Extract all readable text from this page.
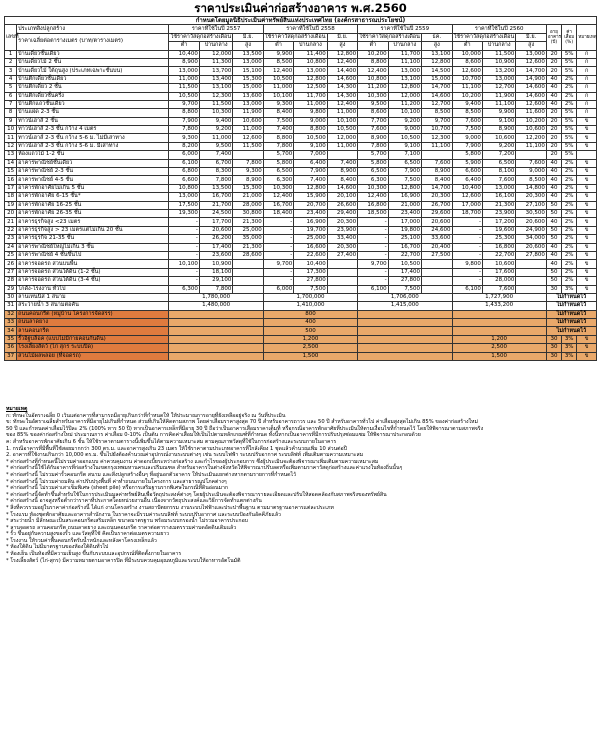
ราคาประเมินค่าก่อสร้างอาคาร พ.ศ.2560
กำหนดโดยมูลนิธิประเมินค่าทรัพย์สินแห่งประเทศไทย (องค์กรสาธารณประโยชน์)																
เลขที่	ประเภทสิ่งปลูกสร้าง	ราคาที่ใช้ในปี 2557			ราคาที่ใช้ในปี 2558			ราคาที่ใช้ในปี 2559			ราคาที่ใช้ในปี 2560			อายุอาคาร (ปี)	ค่าเสื่อม (%)	หมายเหตุ
	ราคาเฉลี่ยต่อตารางเมตร (บาท/ตารางเมตร)	ใช้ราคาวัสดุก่อสร้างเดือน		มิ.ย.	ใช้ราคาวัสดุก่อสร้างเดือน		มิ.ย.	ใช้ราคาวัสดุก่อสร้างเดือน		ธค.	ใช้ราคาวัสดุก่อสร้างเดือน		มิ.ย.			
		ต่ำ	ปานกลาง	สูง	ต่ำ	ปานกลาง	สูง	ต่ำ	ปานกลาง	สูง	ต่ำ	ปานกลาง	สูง			
1	บ้านเดี่ยวชั้นเดียว	10,400	12,000	13,500	9,900	11,400	12,800	10,200	11,700	13,100	10,000	11,500	13,000	20	5%	ก
2	บ้านเดี่ยวไม้ 2 ชั้น	8,900	11,300	13,000	8,500	10,800	12,400	8,800	11,100	12,800	8,600	10,900	12,600	20	5%	ก
3	บ้านเดี่ยวไม้ ใต้ถุนสูง (ประเภทเฉพาะชั้นบน)	13,000	13,700	15,100	12,400	13,000	14,400	12,400	13,000	14,500	12,600	13,200	14,700	20	5%	ก
4	บ้านตึกเดี่ยวชั้นเดียว	11,000	13,400	15,300	10,500	12,800	14,600	10,800	13,100	15,000	10,700	13,000	14,900	40	2%	ก
5	บ้านตึกเดี่ยว 2 ชั้น	11,500	13,100	15,000	11,000	12,500	14,300	11,200	12,800	14,700	11,100	12,700	14,600	40	2%	ก
6	บ้านตึกเดี่ยวชั้นครึ่ง	10,500	12,300	13,600	10,100	11,700	14,300	10,300	12,000	14,600	10,200	11,900	14,600	40	2%	ก
7	บ้านตึกแถวชั้นเดียว	9,700	11,500	13,000	9,300	11,000	12,400	9,500	11,200	12,700	9,400	11,100	12,600	40	2%	ก
8	บ้านแฝด 2-3 ชั้น	8,800	10,300	11,900	8,400	9,800	11,000	8,600	10,100	8,500	8,500	9,900	11,600	20	5%	ก
9	ทาวน์เฮาส์ 2 ชั้น	7,900	9,400	10,600	7,500	9,000	10,100	7,700	9,200	9,700	7,600	9,100	10,200	20	5%	ข
10	ทาวน์เฮาส์ 2-3 ชั้น กว้าง 4 เมตร	7,800	9,200	11,000	7,400	8,800	10,500	7,600	9,000	10,700	7,500	8,900	10,600	20	5%	ข
11	ทาวน์เฮาส์ 2-3 ชั้น กว้าง 5-6 ม. ไม่มีเสาทาง	9,300	11,000	12,600	8,800	10,500	12,000	8,900	10,500	12,300	9,000	10,600	12,200	20	5%	ข
12	ทาวน์เฮาส์ 2-3 ชั้น กว้าง 5-6 ม. มีเสาทาง	8,200	9,500	11,500	7,800	9,100	11,000	7,800	9,100	11,100	7,900	9,200	11,100	20	5%	ข
13	ห้องแถวไม้ 1-2 ชั้น	6,000	7,400		5,700	7,000		5,700	7,100		5,800	7,200		20	5%	
14	อาคารพาณิชย์ชั้นเดียว	6,100	6,700	7,800	5,800	6,400	7,400	5,800	6,500	7,600	5,900	6,500	7,600	40	2%	ข
15	อาคารพาณิชย์ 2-3 ชั้น	6,800	8,300	9,300	6,500	7,900	8,900	6,500	7,900	8,900	6,600	8,100	9,000	40	2%	ข
16	อาคารพาณิชย์ 4-5 ชั้น	6,600	7,800	8,900	6,300	7,400	8,400	6,300	7,500	8,400	6,400	7,600	8,500	40	2%	ข
17	อาคารพักอาศัยไม่เกิน 5 ชั้น	10,800	13,500	15,300	10,300	12,800	14,600	10,300	12,800	14,700	10,400	13,000	14,800	40	2%	ข
18	อาคารพักอาศัย 6-15 ชั้น*	13,000	16,700	21,000	12,400	15,900	20,100	12,400	16,900	20,300	12,600	16,100	20,300	40	2%	ข
19	อาคารพักอาศัย 16-25 ชั้น	17,500	21,700	28,000	16,700	20,700	26,600	16,800	21,000	26,700	17,000	21,300	27,100	50	2%	ข
20	อาคารพักอาศัย 26-35 ชั้น	19,300	24,500	30,800	18,400	23,400	29,400	18,500	23,400	29,600	18,700	23,900	30,500	50	2%	ข
21	อาคารธุรกิจสูง <23 เมตร	-	17,700	21,300	-	16,900	20,300	-	17,000	20,600	-	17,200	20,600	40	2%	ข
22	อาคารธุรกิจสูง > 23 เมตรแต่ไม่เกิน 20 ชั้น	-	20,600	25,000	-	19,700	23,900	-	19,800	24,600	-	19,600	24,900	50	2%	ข
23	อาคารธุรกิจ 21-35 ชั้น	-	26,200	35,000	-	25,000	33,400	-	25,100	33,600	-	25,300	34,000	50	2%	ข
24	อาคารพาณิชย์ใหญ่ไม่เกิน 3 ชั้น	-	17,400	21,300	-	16,600	20,300	-	16,700	20,400	-	16,800	20,600	40	2%	ข
25	อาคารพาณิชย์ 4 ชั้นขึ้นไป	-	23,600	28,600	-	22,600	27,400	-	22,700	27,500	-	22,700	27,800	40	2%	ข
26	อาคารจอดรถ สวนบนพื้น	10,100	10,900		9,700	10,400		9,700	10,500		9,800	10,600		40	2%	ข
27	อาคารจอดรถ ส่วนใต้ดิน (1-2 ชั้น)	-	18,100		-	17,300		-	17,400		-	17,600		50	2%	ข
28	อาคารจอดรถ ส่วนใต้ดิน (3-4 ชั้น)	-	29,100		-	27,800		-	27,800		-	28,000		50	2%	ข
29	โกดัง-โรงงาน ทั่วไป	6,300	7,800		6,000	7,500		6,100	7,500		6,100	7,600		30	3%	ข
30	ลานเทนนิส 1 สนาม	1,780,000			1,700,000			1,706,000			1,727,900			ไม่กำหนดไว้		
31	สระว่ายน้ำ 3 สนามต่อคัน	1,480,000			1,410,000			1,415,000			1,433,200			ไม่กำหนดไว้		
32	ถนนคอนกรีต (หมู่บ้าน โครงการจัดสรร)				800									ไม่กำหนดไว้		
33	ถนนลาดยาง				400									ไม่กำหนดไว้		
34	ลานคอนกรีต				500									ไม่กำหนดไว้		
35	รั้วอิฐบล็อค (แบบไม่มีก่ายคอนกันดิน)				1,200						1,200			30	3%	ข
36	โรงเลี้ยงสัตว์ (ไก่ สุกร ระบบปิด)				2,500						2,500			30	3%	ข
37	สวนไม้ผลพลอย (ที่จอดรถ)				1,500						1,500			30	3%	ข

หมายเหตุ

ก: ทักษะในอัตราเฉลี่ย 0 เว้นแต่อาคารที่สามารถมีอายุเกินกว่าที่กำหนดให้ ให้ประมาณการอายุที่ยังเหลืออยู่จริง ณ วันที่ประเมิน

ข: ทักษะในอัตราเฉลี่ยสำหรับอาคารที่มีอายุไม่เกินที่กำหนด ส่วนที่เกินให้คิดตามสภาพ โดยค่าเสื่อมราคาสูงสุด 70 ปี สำหรับอาคารถาวร และ 50 ปี สำหรับอาคารทั่วไป ค่าเสื่อมสูงสุดไม่เกิน 85% ของค่าก่อสร้างใหม่

50 ปี และกำหนดค่าเสื่อมไว้ปีละ 2% (100% หาร 50 ปี) หากเป็นอาคารเหล็กที่มีอายุ 30 ปี ถือว่าเป็นอาคารเสื่อมราคาเต็มที่ หรือกรณีอาคารพักอาศัยที่ประเมินให้ตามเงื่อนไขที่กำหนดไว้ โดยให้พิจารณาตามสภาพจริง

ของ 85% ของค่าก่อสร้างใหม่ ประมาณการ ค่าเสื่อม 0-10% เป็นต้น การคิดค่าเสื่อมให้เป็นไปตามหลักเกณฑ์ที่กำหนด ทั้งนี้หากเป็นอาคารที่มีการปรับปรุงซ่อมแซม ให้พิจารณาประกอบด้วย

ค: สำหรับอาคารพักอาศัยเกิน 6 ชั้น ให้ใช้ราคาตามตารางนี้เพิ่มขึ้นได้ตามความเหมาะสม ตามคุณภาพวัสดุที่ใช้ในการก่อสร้างและระบบภายในอาคาร

1. กรณีอาคารที่มีพื้นที่ใช้สอยมากกว่า 300 ตร.ม. และอาคารสูงเกิน 23 เมตร ให้ใช้ราคาตามประเภทอาคารที่ใกล้เคียง 1 ชุดแล้วคำนวณเพิ่ม 10 ส่วนต่อปี

2. อาคารที่ใช้งานเกินกว่า 10,000 ตร.ม. ขึ้นไปยังต้องคำนวณค่าอุปกรณ์งานระบบต่างๆ เช่น ระบบไฟฟ้า ระบบปรับอากาศ ระบบลิฟท์ เพิ่มเติมตามความเหมาะสม

* ค่าก่อสร้างที่กำหนดนี้ไม่รวมค่าออกแบบ ค่าควบคุมงาน ค่าดอกเบี้ยระหว่างก่อสร้าง และกำไรของผู้ประกอบการ ซึ่งผู้ประเมินจะต้องพิจารณาเพิ่มเติมตามความเหมาะสม

* ค่าก่อสร้างนี้ใช้ได้กับอาคารที่ก่อสร้างในเขตกรุงเทพมหานครและปริมณฑล สำหรับอาคารในต่างจังหวัดให้พิจารณาปรับลดหรือเพิ่มตามราคาวัสดุก่อสร้างและค่าแรงในท้องถิ่นนั้นๆ

* ค่าก่อสร้างนี้ ไม่รวมค่ารั้วคอนกรีต สนาม และสิ่งปลูกสร้างอื่นๆ ที่อยู่นอกตัวอาคาร ให้ประเมินแยกต่างหากตามรายการที่กำหนดไว้

* ค่าก่อสร้างนี้ ไม่รวมค่าถมดิน ค่าปรับปรุงพื้นที่ ค่าทำถนนภายในโครงการ และสาธารณูปโภคต่างๆ

* ค่าก่อสร้างนี้ ไม่รวมค่าเสาเข็มพิเศษ (sheet pile) หรือการเสริมฐานรากพิเศษในกรณีที่ดินอ่อนมาก

* ค่าก่อสร้างนี้จัดทำขึ้นสำหรับใช้ในการประเมินมูลค่าทรัพย์สินเพื่อวัตถุประสงค์ต่างๆ โดยผู้ประเมินจะต้องพิจารณารายละเอียดและปรับให้สอดคล้องกับสภาพจริงของทรัพย์สิน

* ค่าก่อสร้างนี้ อาจสูงหรือต่ำกว่าราคาที่ประกาศโดยหน่วยงานอื่น เนื่องจากวัตถุประสงค์และวิธีการจัดทำแตกต่างกัน

* สิ่งที่ควรรวมอยู่ในราคาค่าก่อสร้างนี้ ได้แก่ งานโครงสร้าง งานสถาปัตยกรรม งานระบบไฟฟ้าและประปาพื้นฐาน ตามมาตรฐานอาคารแต่ละประเภท

* โรงแรม ห้องชุดพักอาศัยและอาคารสำนักงาน ในราคาจะมีรวมค่าระบบลิฟท์ ระบบปรับอากาศ และระบบป้องกันอัคคีภัยแล้ว

* สระว่ายน้ำ มีลักษณะเป็นสระคอนกรีตเสริมเหล็ก ขนาดมาตรฐาน พร้อมระบบกรองน้ำ ไม่รวมอาคารประกอบ

* ลานจอดรถ ลานคอนกรีต ถนนลาดยาง และถนนคอนกรีต ราคาต่อตารางเมตรรวมค่าบดอัดดินเดิมแล้ว

* รั้ว ขึ้นอยู่กับความสูงของรั้ว และวัสดุที่ใช้ คิดเป็นราคาต่อเมตรความยาว

* โรงงาน ให้รวมค่าพื้นคอนกรีตรับน้ำหนักและหลังคาโครงเหล็กแล้ว

* ห้องใต้ดิน ไม่มีมาตรฐานของห้องใต้ดินทั่วไป

* ห้องเย็น เป็นห้องที่มีความเย็นสูง ขึ้นกับระบบและอุปกรณ์ที่ติดตั้งภายในอาคาร

* โรงเลี้ยงสัตว์ (ไก่-สุกร) มีความหมายตามอาคารปิด ที่มีระบบควบคุมอุณหภูมิและระบบให้อาหารอัตโนมัติ
